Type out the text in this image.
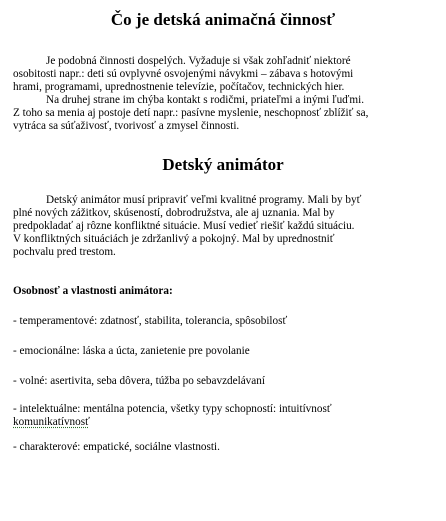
Čo je detská animačná činnosť
Je podobná činnosti dospelých. Vyžaduje si však zohľadniť niektoré
osobitosti napr.: deti sú ovplyvné osvojenými návykmi – zábava s hotovými
hrami, programami, uprednostnenie televízie, počítačov, technických hier.
Na druhej strane im chýba kontakt s rodičmi, priateľmi a inými ľuďmi.
Z toho sa menia aj postoje detí napr.: pasívne myslenie, neschopnosť zblížiť sa,
vytráca sa súťaživosť, tvorivosť a zmysel činnosti.
Detský animátor
Detský animátor musí pripraviť veľmi kvalitné programy. Mali by byť
plné nových zážitkov, skúseností, dobrodružstva, ale aj uznania. Mal by
predpokladať aj rôzne konfliktné situácie. Musí vedieť riešiť každú situáciu.
V konfliktných situáciách je zdržanlivý a pokojný. Mal by uprednostniť
pochvalu pred trestom.
Osobnosť a vlastnosti animátora:
- temperamentové: zdatnosť, stabilita, tolerancia, spôsobilosť
- emocionálne: láska a úcta, zanietenie pre povolanie
- volné: asertivita, seba dôvera, túžba po sebavzdelávaní
- intelektuálne: mentálna potencia, všetky typy schopností: intuitívnosť
komunikatívnosť
- charakterové: empatické, sociálne vlastnosti.
